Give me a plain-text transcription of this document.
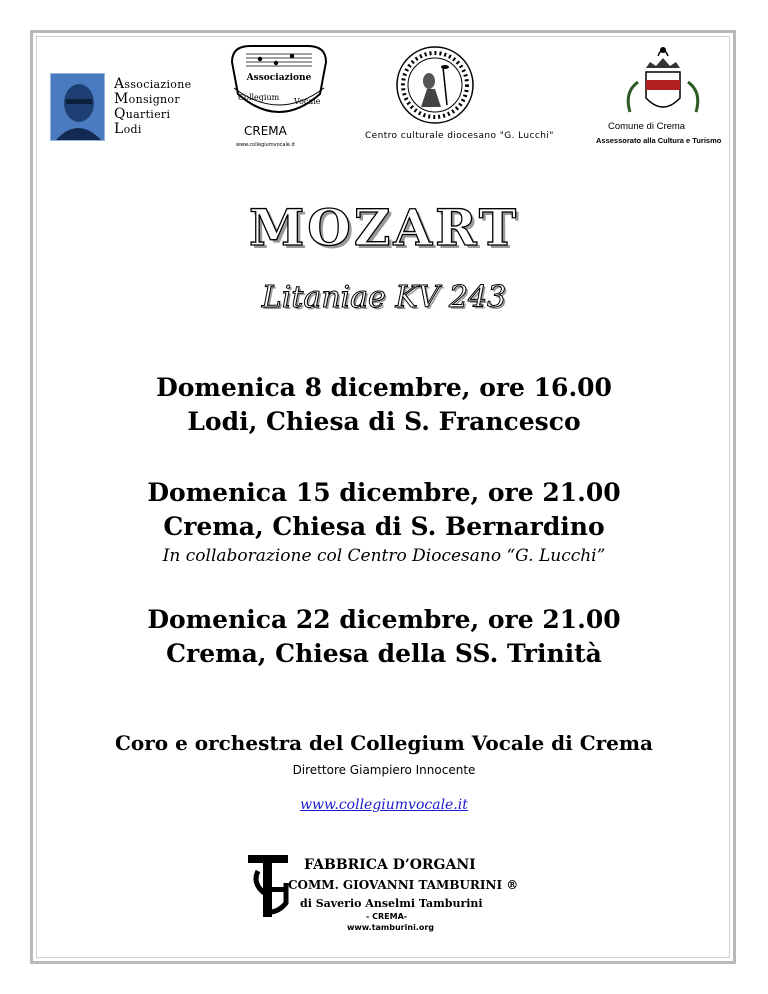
Associazione
Monsignor
Quartieri
Lodi
Associazione
Collegium Vocale
CREMA
www.collegiumvocale.it
Centro culturale diocesano "G. Lucchi"
Comune di Crema
Assessorato alla Cultura e Turismo
MOZART
Litaniae KV 243
Domenica 8 dicembre, ore 16.00
Lodi, Chiesa di S. Francesco
Domenica 15 dicembre, ore 21.00
Crema, Chiesa di S. Bernardino
In collaborazione col Centro Diocesano “G. Lucchi”
Domenica 22 dicembre, ore 21.00
Crema, Chiesa della SS. Trinità
Coro e orchestra del Collegium Vocale di Crema
Direttore Giampiero Innocente
www.collegiumvocale.it
FABBRICA D’ORGANI
COMM. GIOVANNI TAMBURINI ®
di Saverio Anselmi Tamburini
- CREMA-
www.tamburini.org
